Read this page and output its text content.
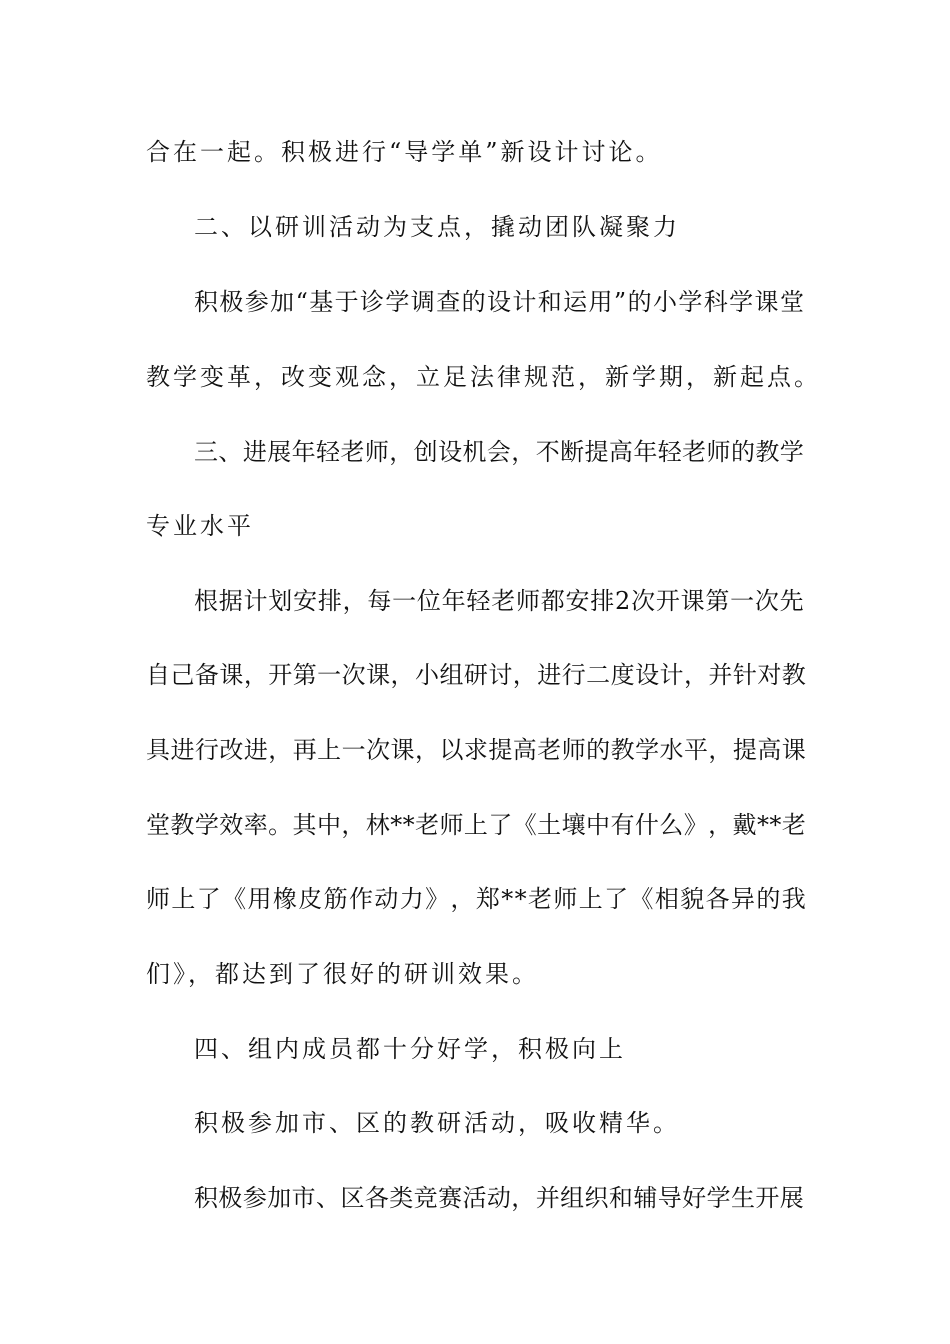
合在一起。积极进行“导学单”新设计讨论。
二、以研训活动为支点，撬动团队凝聚力
积 极 参 加 “ 基 于 诊 学 调 查 的 设 计 和 运 用 ” 的 小 学 科 学 课 堂
教学变革，改变观念，立足法律规范，新学期，新起点。
三 、 进 展 年 轻 老 师 ， 创 设 机 会 ， 不 断 提 高 年 轻 老 师 的 教 学
专业水平
根 据 计 划 安 排 ， 每 一 位 年 轻 老 师 都 安 排 2 次 开 课 第 一 次 先
自 己 备 课 ， 开 第 一 次 课 ， 小 组 研 讨 ， 进 行 二 度 设 计 ， 并 针 对 教
具 进 行 改 进 ， 再 上 一 次 课 ， 以 求 提 高 老 师 的 教 学 水 平 ， 提 高 课
堂 教 学 效 率 。 其 中 ， 林 * * 老 师 上 了 《 土 壤 中 有 什 么 》 ， 戴 * * 老
师 上 了 《 用 橡 皮 筋 作 动 力 》 ， 郑 * * 老 师 上 了 《 相 貌 各 异 的 我
们》，都达到了很好的研训效果。
四、组内成员都十分好学，积极向上
积极参加市、区的教研活动，吸收精华。
积 极 参 加 市 、 区 各 类 竞 赛 活 动 ， 并 组 织 和 辅 导 好 学 生 开 展
